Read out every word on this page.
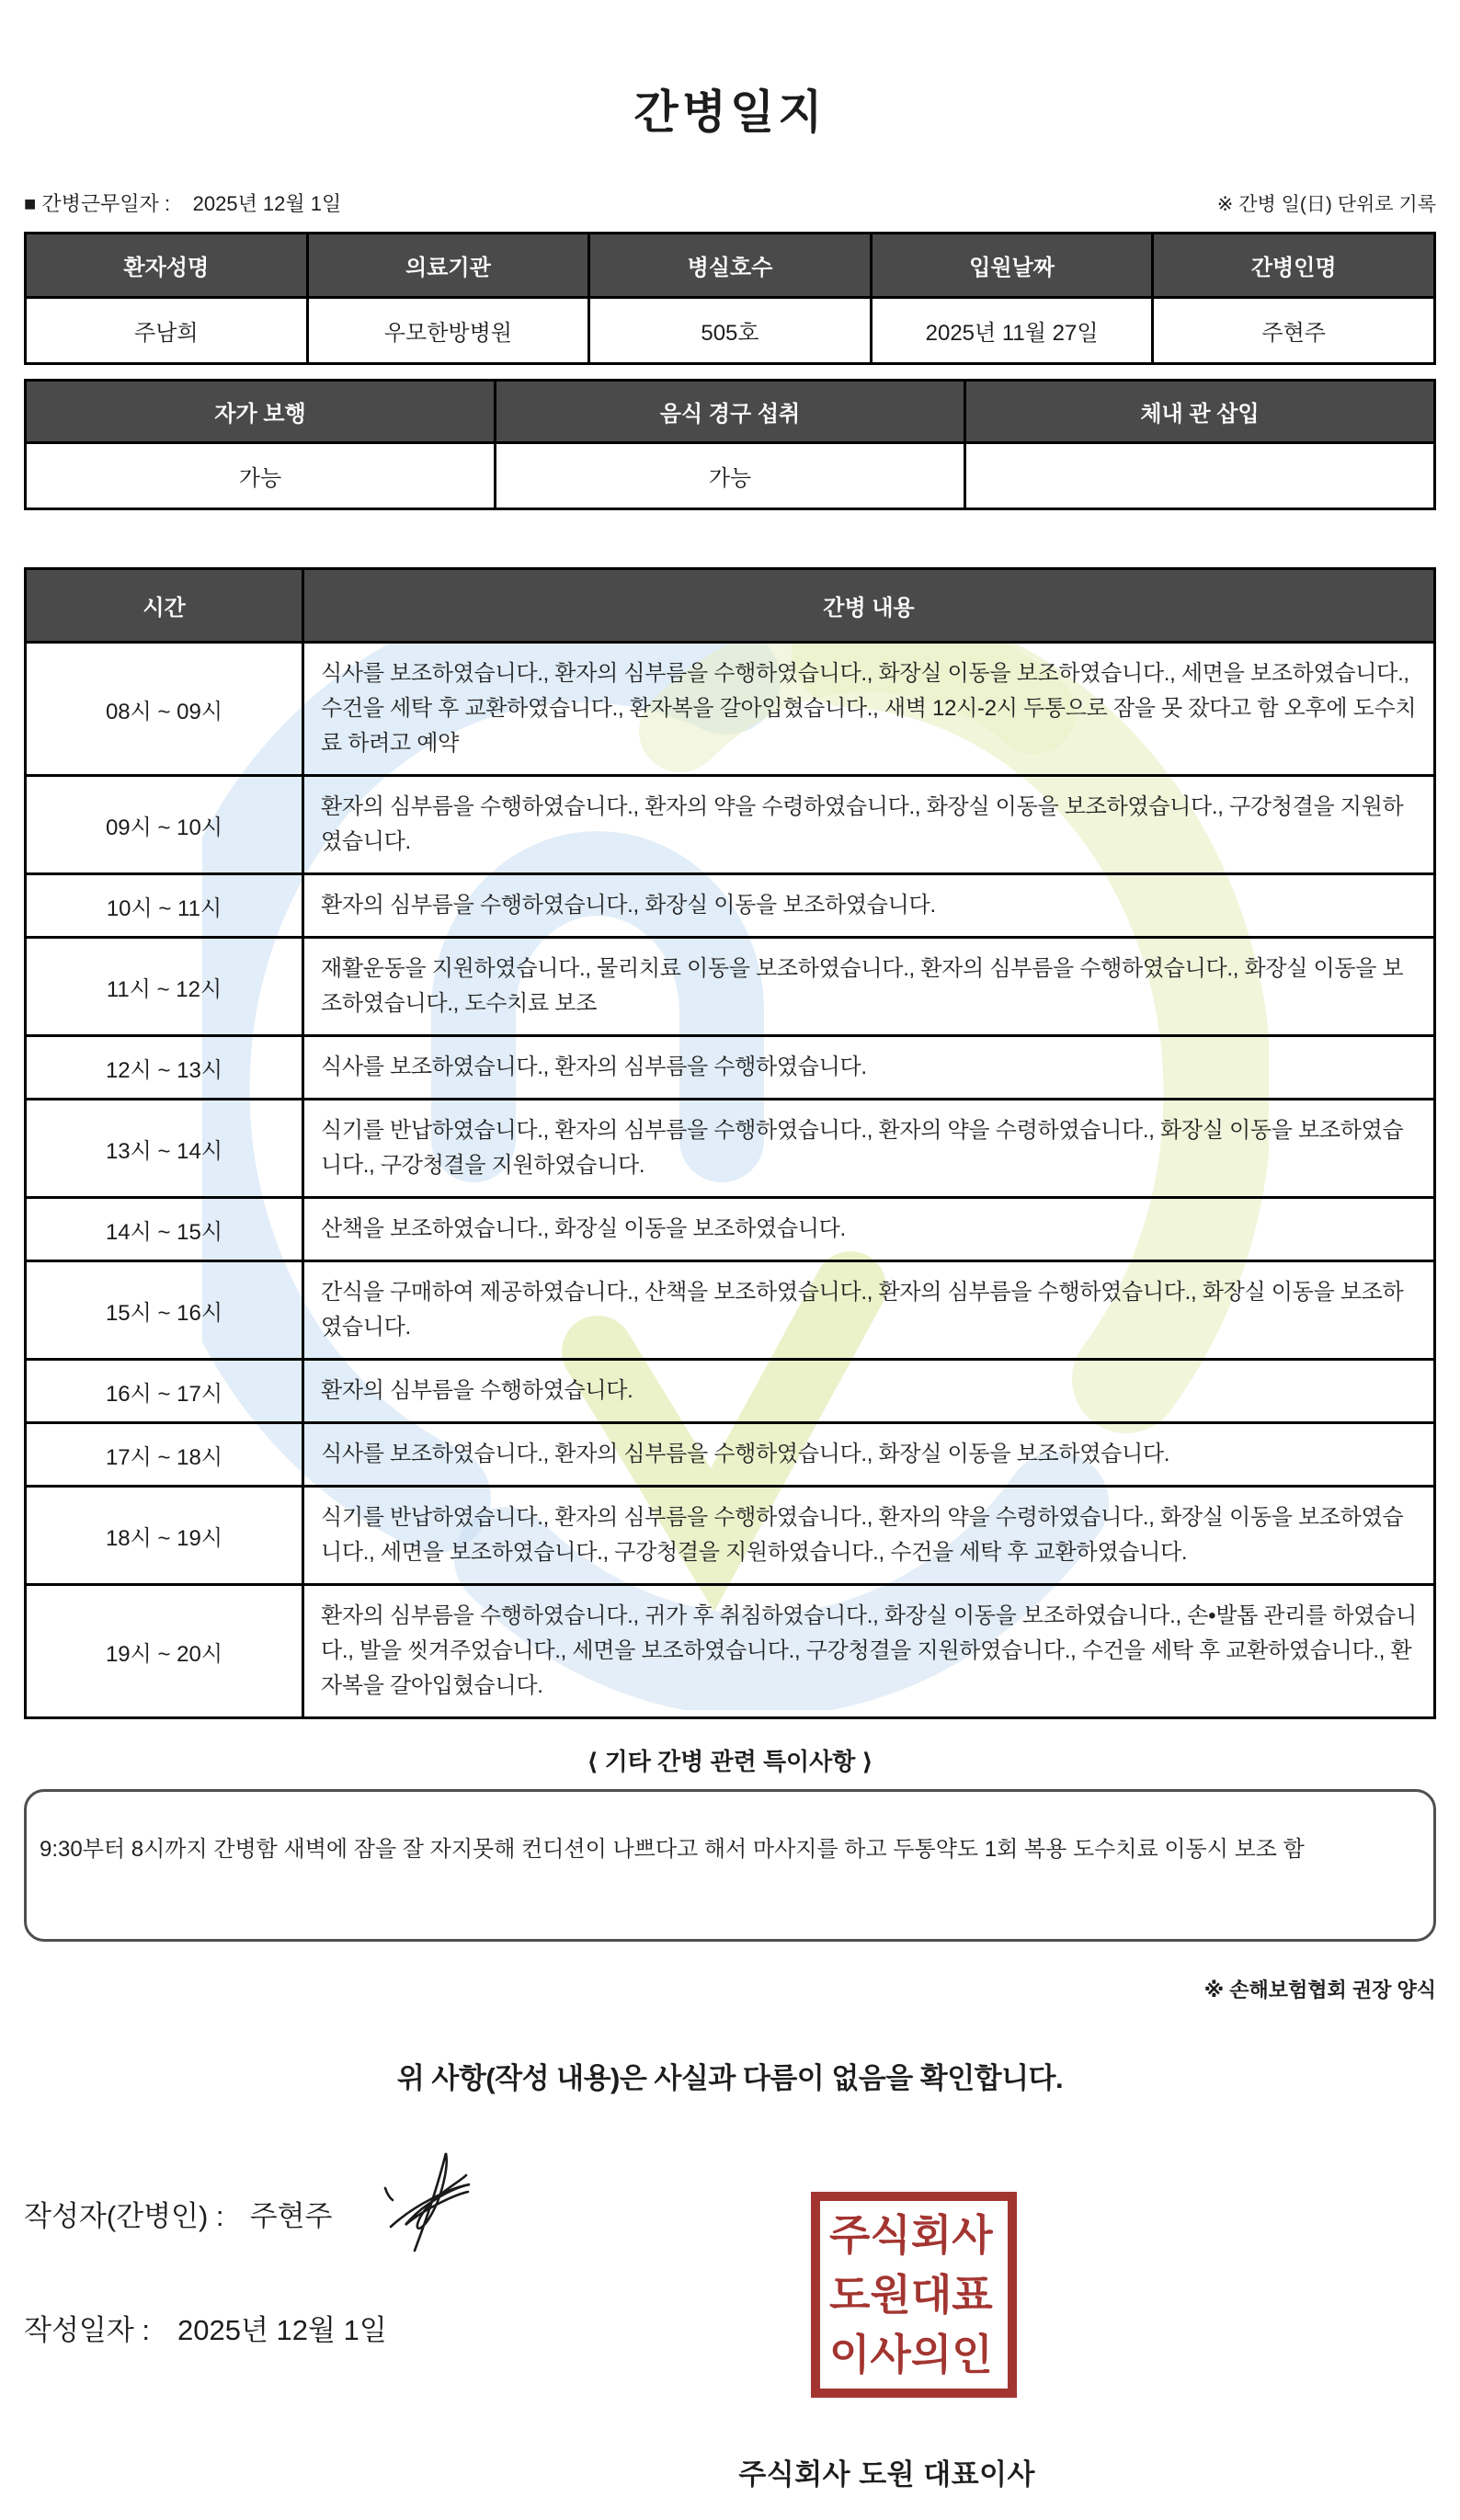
간병일지
■ 간병근무일자 : 2025년 12월 1일	※ 간병 일(日) 단위로 기록
환자성명	의료기관	병실호수	입원날짜	간병인명
주남희	우모한방병원	505호	2025년 11월 27일	주현주
자가 보행	음식 경구 섭취	체내 관 삽입
가능	가능	
시간	간병 내용
08시 ~ 09시	식사를 보조하였습니다., 환자의 심부름을 수행하였습니다., 화장실 이동을 보조하였습니다., 세면을 보조하였습니다., 수건을 세탁 후 교환하였습니다., 환자복을 갈아입혔습니다., 새벽 12시-2시 두통으로 잠을 못 잤다고 함 오후에 도수치료 하려고 예약
09시 ~ 10시	환자의 심부름을 수행하였습니다., 환자의 약을 수령하였습니다., 화장실 이동을 보조하였습니다., 구강청결을 지원하였습니다.
10시 ~ 11시	환자의 심부름을 수행하였습니다., 화장실 이동을 보조하였습니다.
11시 ~ 12시	재활운동을 지원하였습니다., 물리치료 이동을 보조하였습니다., 환자의 심부름을 수행하였습니다., 화장실 이동을 보조하였습니다., 도수치료 보조
12시 ~ 13시	식사를 보조하였습니다., 환자의 심부름을 수행하였습니다.
13시 ~ 14시	식기를 반납하였습니다., 환자의 심부름을 수행하였습니다., 환자의 약을 수령하였습니다., 화장실 이동을 보조하였습니다., 구강청결을 지원하였습니다.
14시 ~ 15시	산책을 보조하였습니다., 화장실 이동을 보조하였습니다.
15시 ~ 16시	간식을 구매하여 제공하였습니다., 산책을 보조하였습니다., 환자의 심부름을 수행하였습니다., 화장실 이동을 보조하였습니다.
16시 ~ 17시	환자의 심부름을 수행하였습니다.
17시 ~ 18시	식사를 보조하였습니다., 환자의 심부름을 수행하였습니다., 화장실 이동을 보조하였습니다.
18시 ~ 19시	식기를 반납하였습니다., 환자의 심부름을 수행하였습니다., 환자의 약을 수령하였습니다., 화장실 이동을 보조하였습니다., 세면을 보조하였습니다., 구강청결을 지원하였습니다., 수건을 세탁 후 교환하였습니다.
19시 ~ 20시	환자의 심부름을 수행하였습니다., 귀가 후 취침하였습니다., 화장실 이동을 보조하였습니다., 손•발톱 관리를 하였습니다., 발을 씻겨주었습니다., 세면을 보조하였습니다., 구강청결을 지원하였습니다., 수건을 세탁 후 교환하였습니다., 환자복을 갈아입혔습니다.
⟨ 기타 간병 관련 특이사항 ⟩
9:30부터 8시까지 간병함 새벽에 잠을 잘 자지못해 컨디션이 나쁘다고 해서 마사지를 하고 두통약도 1회 복용 도수치료 이동시 보조 함
※ 손해보험협회 권장 양식
위 사항(작성 내용)은 사실과 다름이 없음을 확인합니다.
작성자(간병인) : 주현주
작성일자 : 2025년 12월 1일
주식회사 도원 대표이사
주식회사
도원대표
이사의인
